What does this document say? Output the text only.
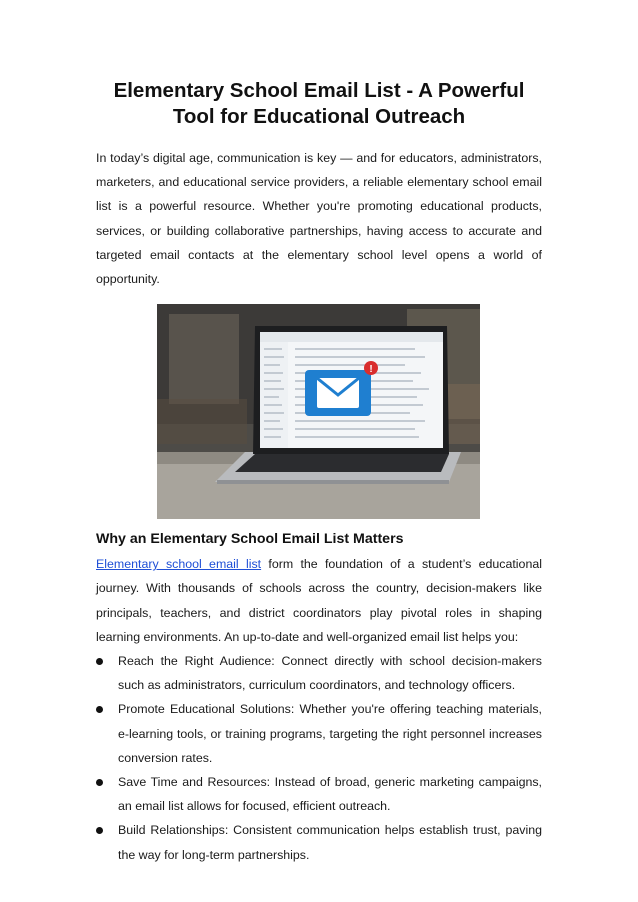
Elementary School Email List - A Powerful Tool for Educational Outreach

In today’s digital age, communication is key — and for educators, administrators, marketers, and educational service providers, a reliable elementary school email list is a powerful resource. Whether you're promoting educational products, services, or building collaborative partnerships, having access to accurate and targeted email contacts at the elementary school level opens a world of opportunity.

!
Why an Elementary School Email List Matters

Elementary school email list form the foundation of a student’s educational journey. With thousands of schools across the country, decision-makers like principals, teachers, and district coordinators play pivotal roles in shaping learning environments. An up-to-date and well-organized email list helps you:

Reach the Right Audience: Connect directly with school decision-makers such as administrators, curriculum coordinators, and technology officers.
Promote Educational Solutions: Whether you're offering teaching materials, e-learning tools, or training programs, targeting the right personnel increases conversion rates.
Save Time and Resources: Instead of broad, generic marketing campaigns, an email list allows for focused, efficient outreach.
Build Relationships: Consistent communication helps establish trust, paving the way for long-term partnerships.
